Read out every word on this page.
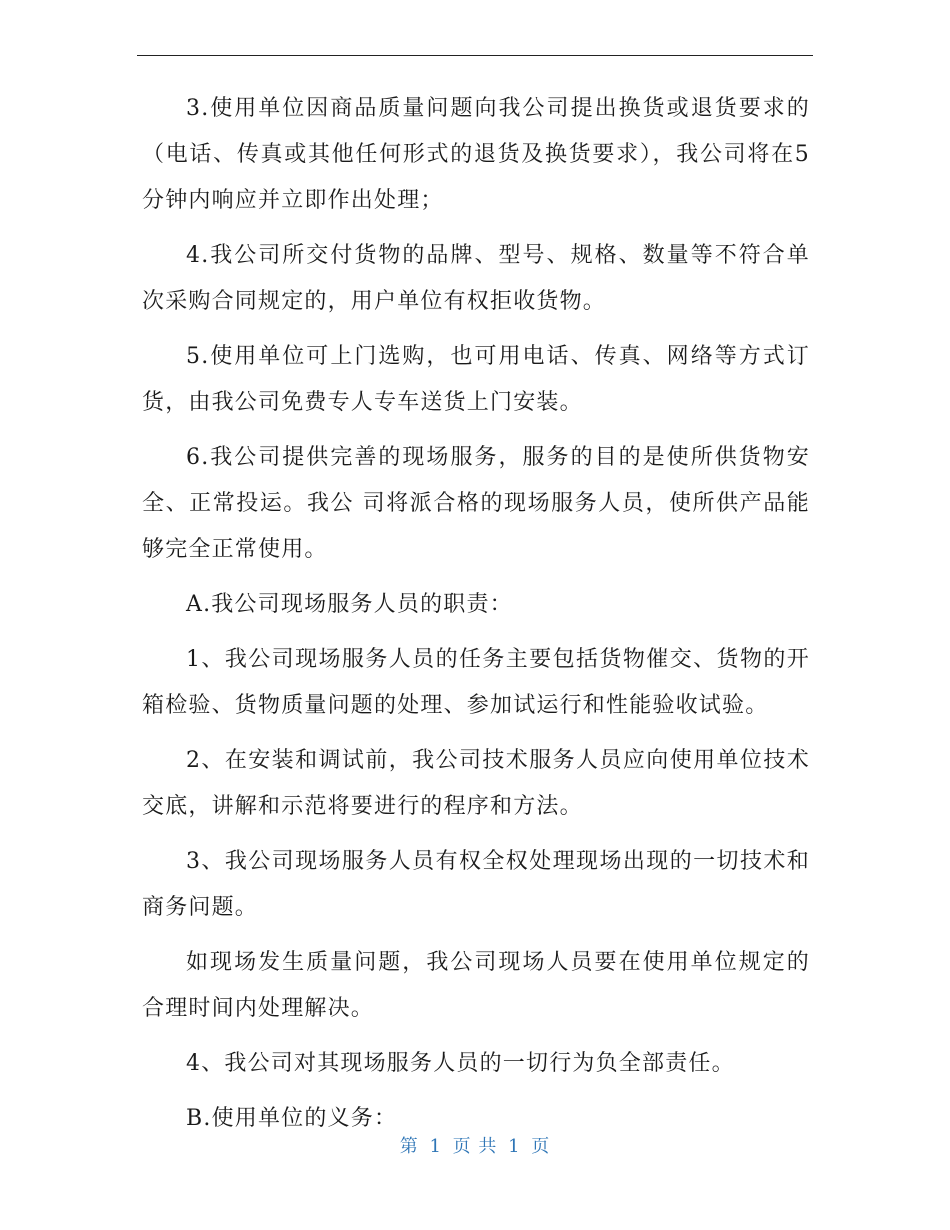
3.使用单位因商品质量问题向我公司提出换货或退货要求的（电话、传真或其他任何形式的退货及换货要求），我公司将在5分钟内响应并立即作出处理；

4.我公司所交付货物的品牌、型号、规格、数量等不符合单次采购合同规定的，用户单位有权拒收货物。

5.使用单位可上门选购，也可用电话、传真、网络等方式订货，由我公司免费专人专车送货上门安装。

6.我公司提供完善的现场服务，服务的目的是使所供货物安全、正常投运。我公 司将派合格的现场服务人员，使所供产品能够完全正常使用。

A.我公司现场服务人员的职责：

1、我公司现场服务人员的任务主要包括货物催交、货物的开箱检验、货物质量问题的处理、参加试运行和性能验收试验。

2、在安装和调试前，我公司技术服务人员应向使用单位技术交底，讲解和示范将要进行的程序和方法。

3、我公司现场服务人员有权全权处理现场出现的一切技术和商务问题。

如现场发生质量问题，我公司现场人员要在使用单位规定的合理时间内处理解决。

4、我公司对其现场服务人员的一切行为负全部责任。

B.使用单位的义务：

第 1 页 共 1 页
